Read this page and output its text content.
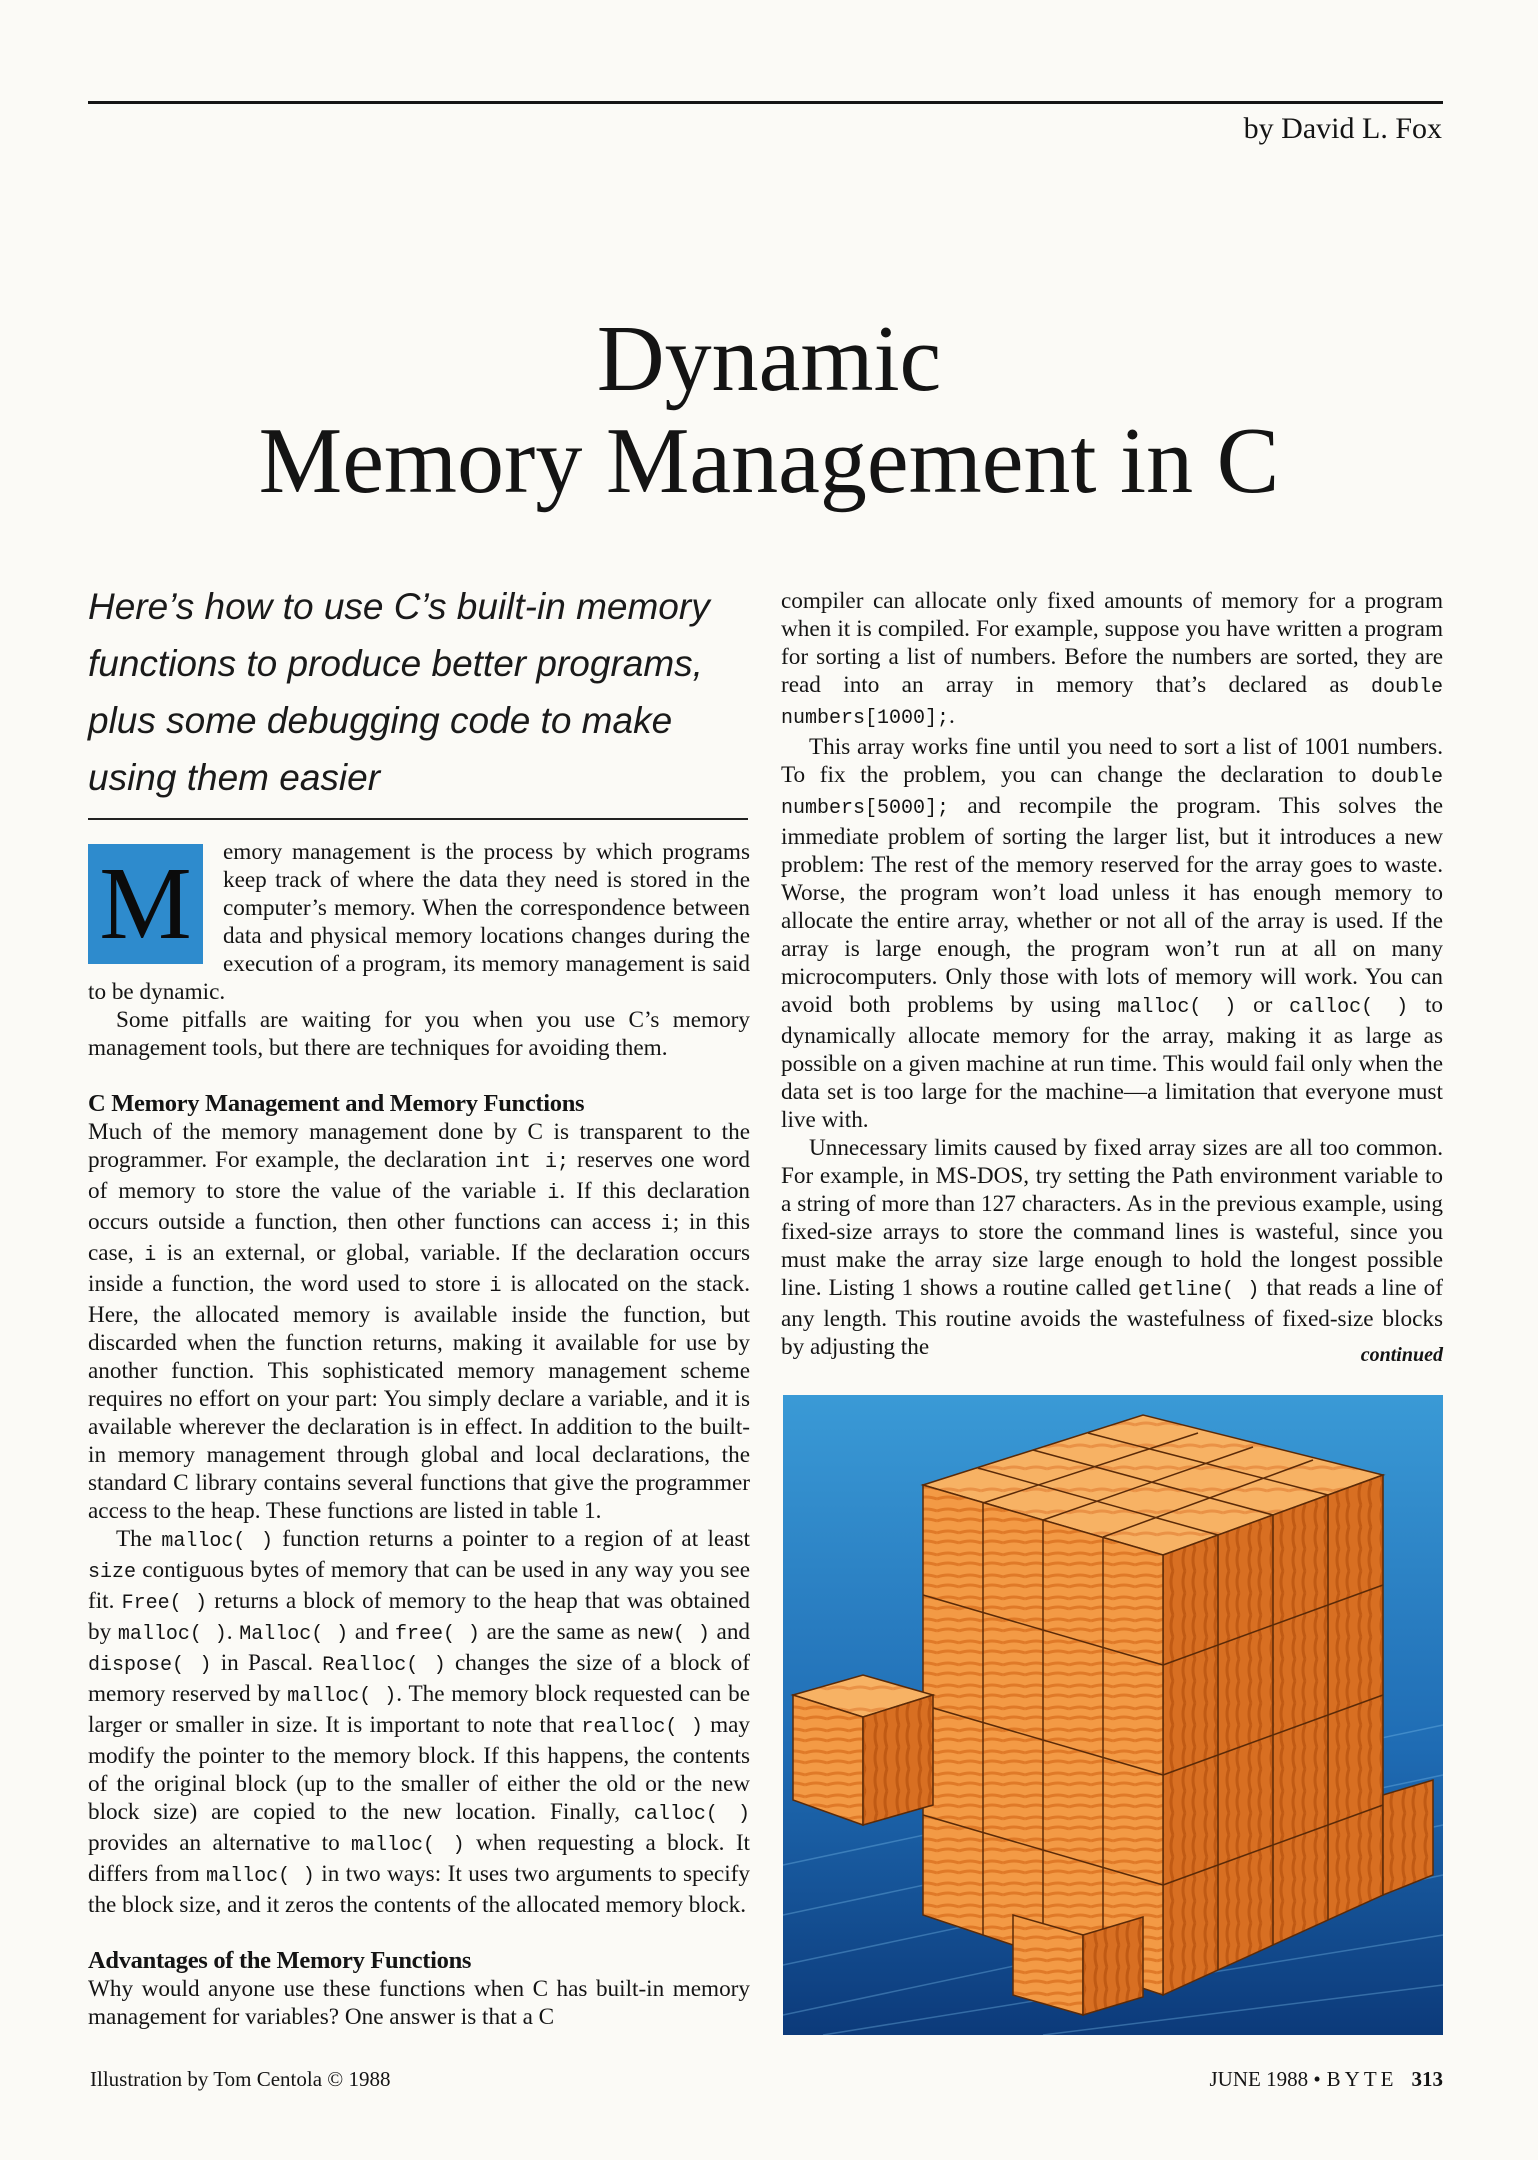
by David L. Fox
Dynamic
Memory Management in C
Here’s how to use C’s built-in memory functions to produce better programs, plus some debugging code to make using them easier

M	emory management is the process by which programs keep track of where the data they need is stored in the computer’s memory. When the correspondence between data and physical memory locations changes during the execution of a program, its memory management is said to be dynamic.

Some pitfalls are waiting for you when you use C’s memory management tools, but there are techniques for avoiding them.

C Memory Management and Memory Functions

Much of the memory management done by C is transparent to the programmer. For example, the declaration int i; reserves one word of memory to store the value of the variable i. If this declaration occurs outside a function, then other functions can access i; in this case, i is an external, or global, variable. If the declaration occurs inside a function, the word used to store i is allocated on the stack. Here, the allocated memory is available inside the function, but discarded when the function returns, making it available for use by another function. This sophisticated memory management scheme requires no effort on your part: You simply declare a variable, and it is available wherever the declaration is in effect. In addition to the built-in memory management through global and local declarations, the standard C library contains several functions that give the programmer access to the heap. These functions are listed in table 1.

The malloc( ) function returns a pointer to a region of at least size contiguous bytes of memory that can be used in any way you see fit. Free( ) returns a block of memory to the heap that was obtained by malloc( ). Malloc( ) and free( ) are the same as new( ) and dispose( ) in Pascal. Realloc( ) changes the size of a block of memory reserved by malloc( ). The memory block requested can be larger or smaller in size. It is important to note that realloc( ) may modify the pointer to the memory block. If this happens, the contents of the original block (up to the smaller of either the old or the new block size) are copied to the new location. Finally, calloc( ) provides an alternative to malloc( ) when requesting a block. It differs from malloc( ) in two ways: It uses two arguments to specify the block size, and it zeros the contents of the allocated memory block.

Advantages of the Memory Functions

Why would anyone use these functions when C has built-in memory management for variables? One answer is that a C

compiler can allocate only fixed amounts of memory for a program when it is compiled. For example, suppose you have written a program for sorting a list of numbers. Before the numbers are sorted, they are read into an array in memory that’s declared as double numbers[1000];.

This array works fine until you need to sort a list of 1001 numbers. To fix the problem, you can change the declaration to double numbers[5000]; and recompile the program. This solves the immediate problem of sorting the larger list, but it introduces a new problem: The rest of the memory reserved for the array goes to waste. Worse, the program won’t load unless it has enough memory to allocate the entire array, whether or not all of the array is used. If the array is large enough, the program won’t run at all on many microcomputers. Only those with lots of memory will work. You can avoid both problems by using malloc( ) or calloc( ) to dynamically allocate memory for the array, making it as large as possible on a given machine at run time. This would fail only when the data set is too large for the machine—a limitation that everyone must live with.

Unnecessary limits caused by fixed array sizes are all too common. For example, in MS-DOS, try setting the Path environment variable to a string of more than 127 characters. As in the previous example, using fixed-size arrays to store the command lines is wasteful, since you must make the array size large enough to hold the longest possible line. Listing 1 shows a routine called getline( ) that reads a line of any length. This routine avoids the wastefulness of fixed-size blocks by adjusting the	continued
Illustration by Tom Centola © 1988	JUNE 1988 • BYTE 313
